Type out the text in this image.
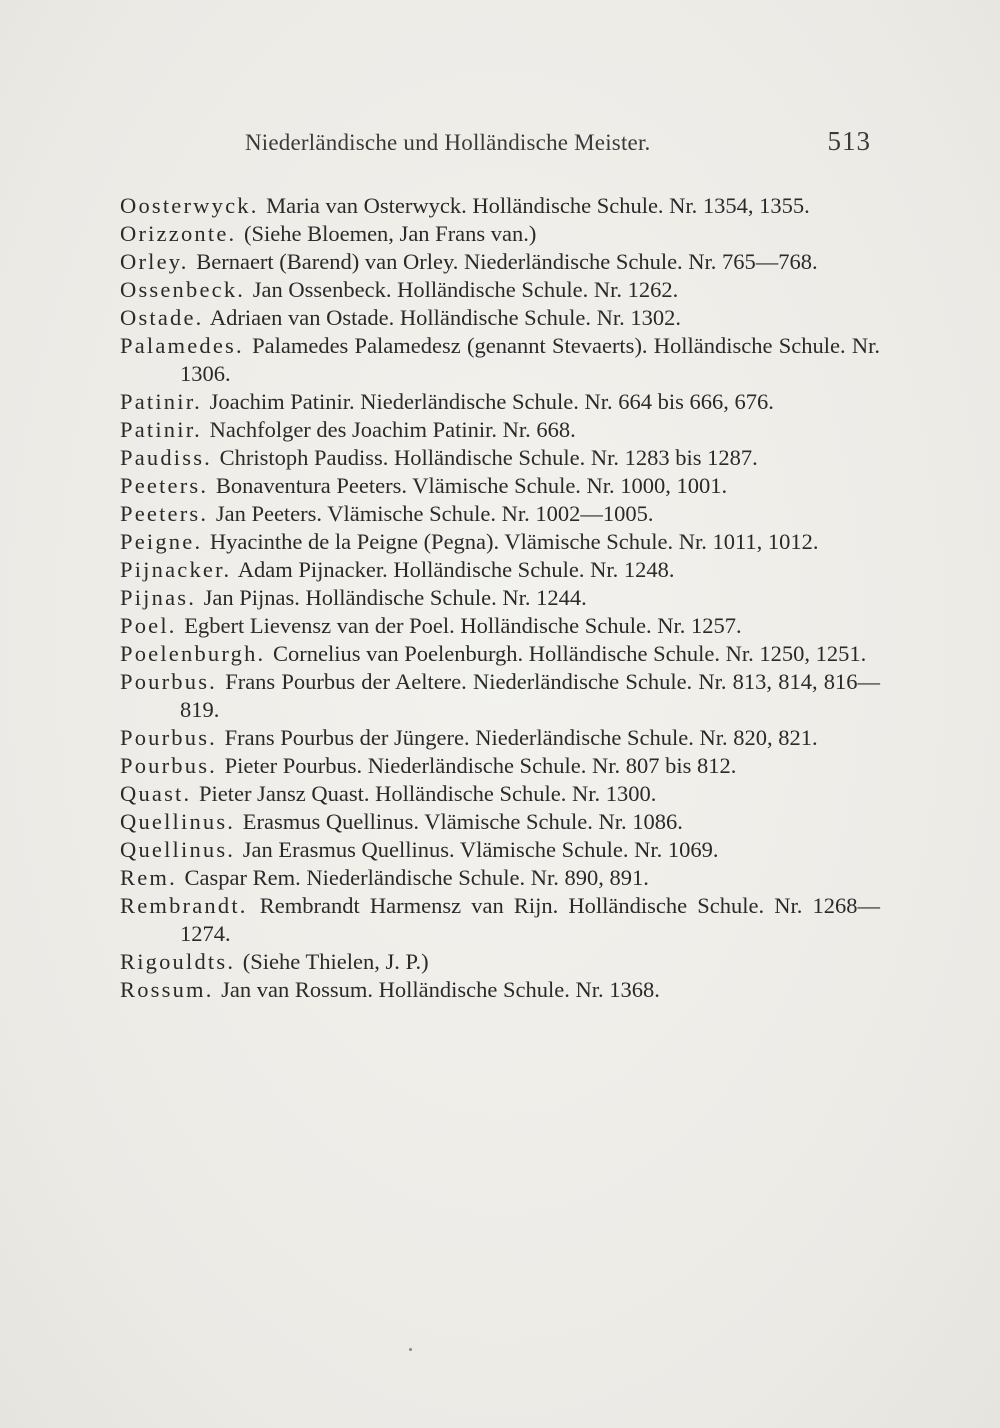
Niederländische und Holländische Meister.	513
Oosterwyck. Maria van Osterwyck. Holländische Schule. Nr. 1354, 1355.
Orizzonte. (Siehe Bloemen, Jan Frans van.)
Orley. Bernaert (Barend) van Orley. Niederländische Schule. Nr. 765—768.
Ossenbeck. Jan Ossenbeck. Holländische Schule. Nr. 1262.
Ostade. Adriaen van Ostade. Holländische Schule. Nr. 1302.
Palamedes. Palamedes Palamedesz (genannt Stevaerts). Holländische Schule. Nr. 1306.
Patinir. Joachim Patinir. Niederländische Schule. Nr. 664 bis 666, 676.
Patinir. Nachfolger des Joachim Patinir. Nr. 668.
Paudiss. Christoph Paudiss. Holländische Schule. Nr. 1283 bis 1287.
Peeters. Bonaventura Peeters. Vlämische Schule. Nr. 1000, 1001.
Peeters. Jan Peeters. Vlämische Schule. Nr. 1002—1005.
Peigne. Hyacinthe de la Peigne (Pegna). Vlämische Schule. Nr. 1011, 1012.
Pijnacker. Adam Pijnacker. Holländische Schule. Nr. 1248.
Pijnas. Jan Pijnas. Holländische Schule. Nr. 1244.
Poel. Egbert Lievensz van der Poel. Holländische Schule. Nr. 1257.
Poelenburgh. Cornelius van Poelenburgh. Holländische Schule. Nr. 1250, 1251.
Pourbus. Frans Pourbus der Aeltere. Niederländische Schule. Nr. 813, 814, 816—819.
Pourbus. Frans Pourbus der Jüngere. Niederländische Schule. Nr. 820, 821.
Pourbus. Pieter Pourbus. Niederländische Schule. Nr. 807 bis 812.
Quast. Pieter Jansz Quast. Holländische Schule. Nr. 1300.
Quellinus. Erasmus Quellinus. Vlämische Schule. Nr. 1086.
Quellinus. Jan Erasmus Quellinus. Vlämische Schule. Nr. 1069.
Rem. Caspar Rem. Niederländische Schule. Nr. 890, 891.
Rembrandt. Rembrandt Harmensz van Rijn. Holländische Schule. Nr. 1268—1274.
Rigouldts. (Siehe Thielen, J. P.)
Rossum. Jan van Rossum. Holländische Schule. Nr. 1368.
